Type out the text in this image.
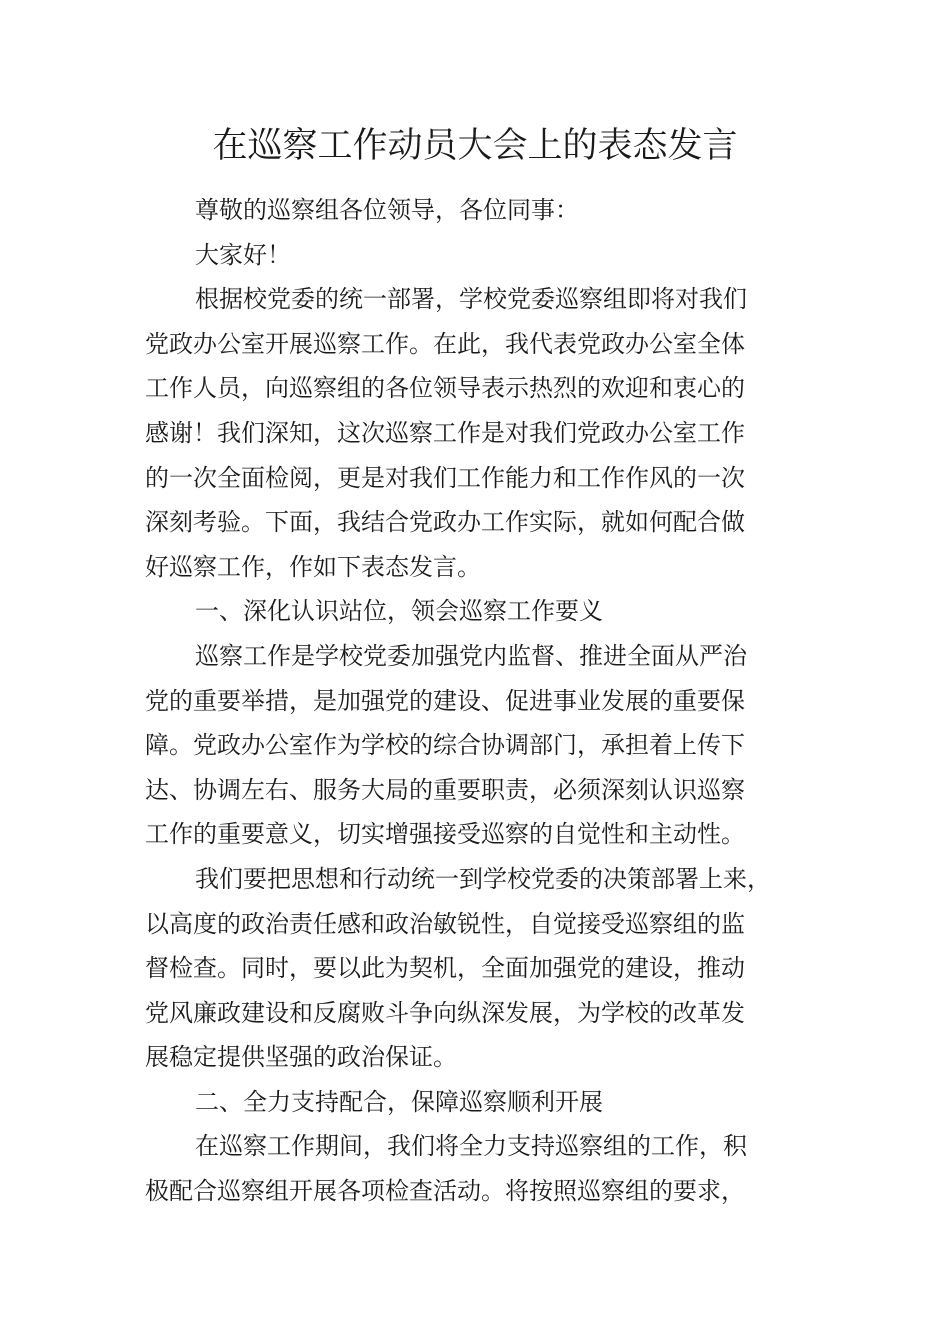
在巡察工作动员大会上的表态发言
尊敬的巡察组各位领导，各位同事：
大家好！
根据校党委的统一部署，学校党委巡察组即将对我们
党政办公室开展巡察工作。在此，我代表党政办公室全体
工作人员，向巡察组的各位领导表示热烈的欢迎和衷心的
感谢！我们深知，这次巡察工作是对我们党政办公室工作
的一次全面检阅，更是对我们工作能力和工作作风的一次
深刻考验。下面，我结合党政办工作实际，就如何配合做
好巡察工作，作如下表态发言。
一、深化认识站位，领会巡察工作要义
巡察工作是学校党委加强党内监督、推进全面从严治
党的重要举措，是加强党的建设、促进事业发展的重要保
障。党政办公室作为学校的综合协调部门，承担着上传下
达、协调左右、服务大局的重要职责，必须深刻认识巡察
工作的重要意义，切实增强接受巡察的自觉性和主动性。
我们要把思想和行动统一到学校党委的决策部署上来，
以高度的政治责任感和政治敏锐性，自觉接受巡察组的监
督检查。同时，要以此为契机，全面加强党的建设，推动
党风廉政建设和反腐败斗争向纵深发展，为学校的改革发
展稳定提供坚强的政治保证。
二、全力支持配合，保障巡察顺利开展
在巡察工作期间，我们将全力支持巡察组的工作，积
极配合巡察组开展各项检查活动。将按照巡察组的要求，
